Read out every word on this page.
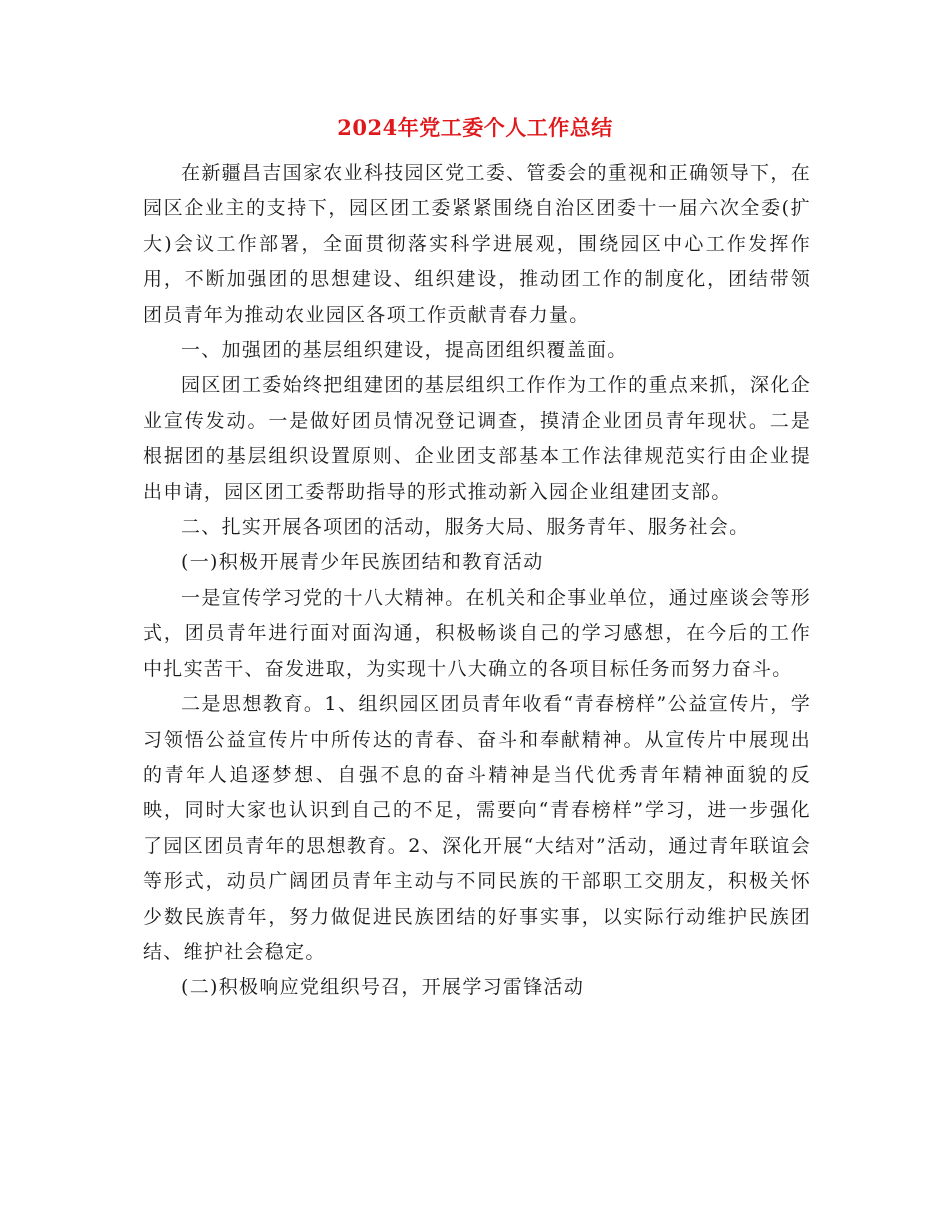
2024年党工委个人工作总结

在新疆昌吉国家农业科技园区党工委、管委会的重视和正确领导下，在园区企业主的支持下，园区团工委紧紧围绕自治区团委十一届六次全委(扩大)会议工作部署，全面贯彻落实科学进展观，围绕园区中心工作发挥作用，不断加强团的思想建设、组织建设，推动团工作的制度化，团结带领团员青年为推动农业园区各项工作贡献青春力量。

一、加强团的基层组织建设，提高团组织覆盖面。

园区团工委始终把组建团的基层组织工作作为工作的重点来抓，深化企业宣传发动。一是做好团员情况登记调查，摸清企业团员青年现状。二是根据团的基层组织设置原则、企业团支部基本工作法律规范实行由企业提出申请，园区团工委帮助指导的形式推动新入园企业组建团支部。

二、扎实开展各项团的活动，服务大局、服务青年、服务社会。

(一)积极开展青少年民族团结和教育活动

一是宣传学习党的十八大精神。在机关和企事业单位，通过座谈会等形式，团员青年进行面对面沟通，积极畅谈自己的学习感想，在今后的工作中扎实苦干、奋发进取，为实现十八大确立的各项目标任务而努力奋斗。

二是思想教育。1、组织园区团员青年收看“青春榜样”公益宣传片，学习领悟公益宣传片中所传达的青春、奋斗和奉献精神。从宣传片中展现出的青年人追逐梦想、自强不息的奋斗精神是当代优秀青年精神面貌的反映，同时大家也认识到自己的不足，需要向“青春榜样”学习，进一步强化了园区团员青年的思想教育。2、深化开展“大结对”活动，通过青年联谊会等形式，动员广阔团员青年主动与不同民族的干部职工交朋友，积极关怀少数民族青年，努力做促进民族团结的好事实事，以实际行动维护民族团结、维护社会稳定。

(二)积极响应党组织号召，开展学习雷锋活动
